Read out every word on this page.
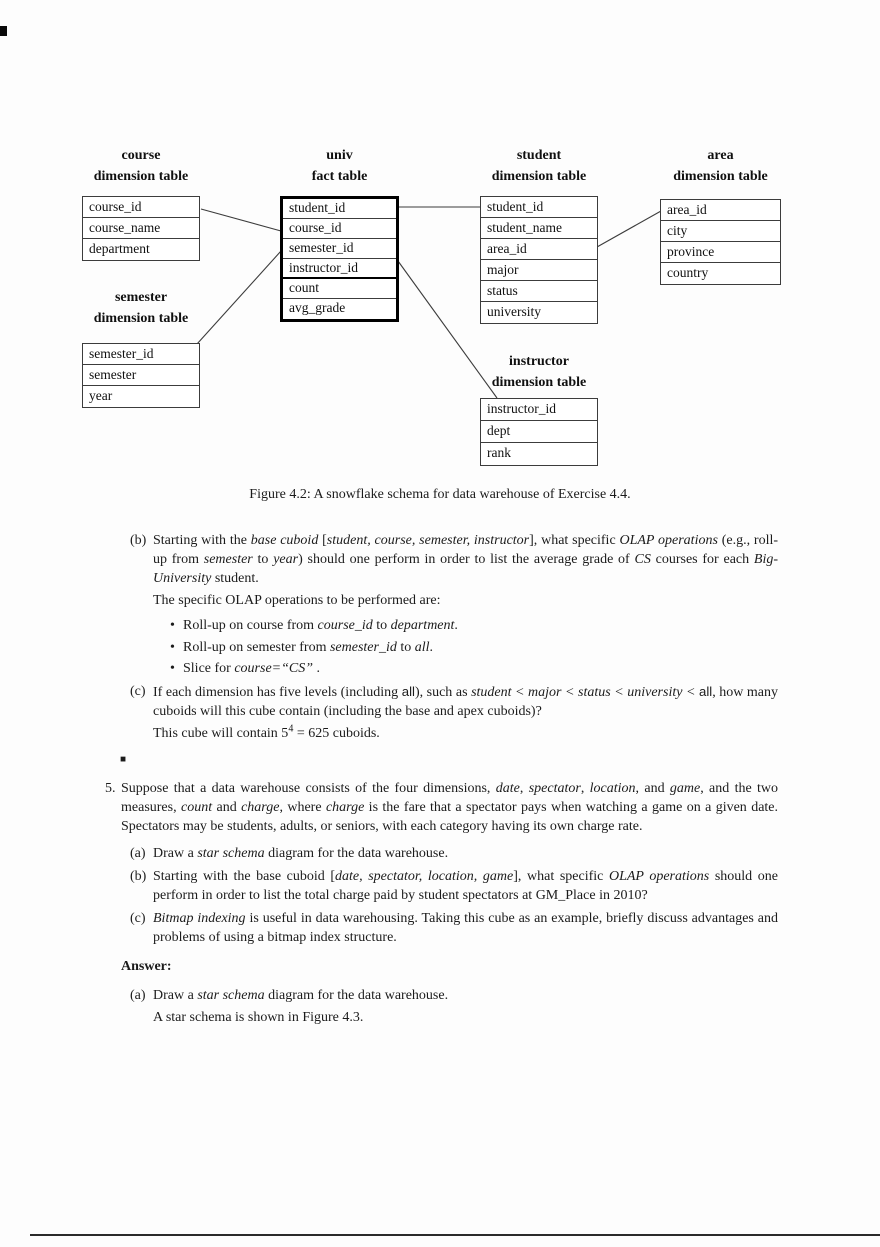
course
dimension table
univ
fact table
student
dimension table
area
dimension table
semester
dimension table
instructor
dimension table
course_id
course_name
department
student_id
course_id
semester_id
instructor_id
count
avg_grade
student_id
student_name
area_id
major
status
university
area_id
city
province
country
semester_id
semester
year
instructor_id
dept
rank
Figure 4.2: A snowflake schema for data warehouse of Exercise 4.4.
(b) Starting with the base cuboid [student, course, semester, instructor], what specific OLAP operations (e.g., roll-up from semester to year) should one perform in order to list the average grade of CS courses for each Big-University student.
The specific OLAP operations to be performed are:
• Roll-up on course from course_id to department.
• Roll-up on semester from semester_id to all.
• Slice for course=“CS” .
(c) If each dimension has five levels (including all), such as student < major < status < university < all, how many cuboids will this cube contain (including the base and apex cuboids)?
This cube will contain $5^4 = 625$ cuboids.
■
5. Suppose that a data warehouse consists of the four dimensions, date, spectator, location, and game, and the two measures, count and charge, where charge is the fare that a spectator pays when watching a game on a given date. Spectators may be students, adults, or seniors, with each category having its own charge rate.
(a) Draw a star schema diagram for the data warehouse.
(b) Starting with the base cuboid [date, spectator, location, game], what specific OLAP operations should one perform in order to list the total charge paid by student spectators at GM_Place in 2010?
(c) Bitmap indexing is useful in data warehousing. Taking this cube as an example, briefly discuss advantages and problems of using a bitmap index structure.
Answer:
(a) Draw a star schema diagram for the data warehouse.
A star schema is shown in Figure 4.3.
